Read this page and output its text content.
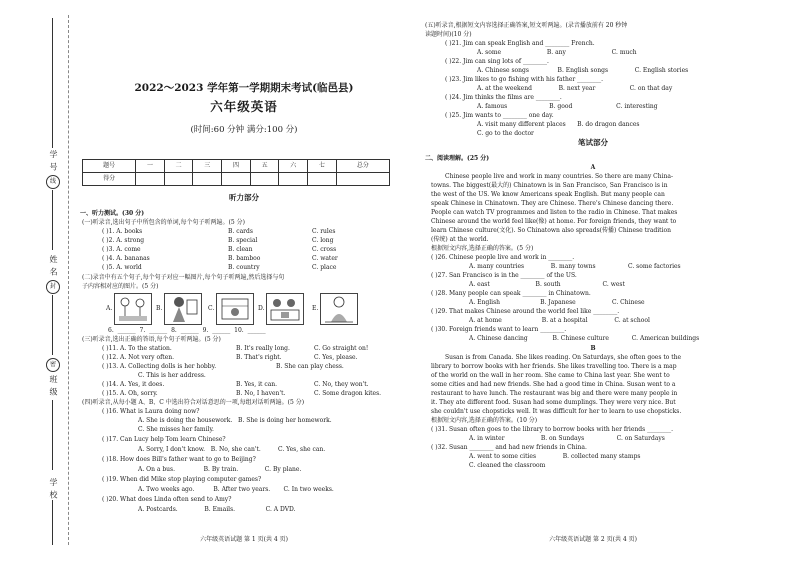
学 号
线
姓 名
封
密
班 级
学 校
2022～2023 学年第一学期期末考试(临邑县)
六年级英语
(时间:60 分钟 满分:100 分)
题号	一	二	三	四	五	六	七	总分
得分								
听力部分
一、听力测试。(30 分)
(一)听录音,选出句子中所包含的单词,每个句子听两遍。(5 分)
( )1. A. books	B. cards	C. rules
( )2. A. strong	B. special	C. long
( )3. A. come	B. clean	C. cross
( )4. A. bananas	B. bamboo	C. water
( )5. A. world	B. country	C. place
(二)录音中有五个句子,每个句子对应一幅图片,每个句子听两遍,然后选择与句
子内容相对应的图片。(5 分)
A.	B.	C.	D.	E.
6. ______ 7. ______ 8. ______ 9. ______ 10. ______
(三)听录音,选出正确的答语,每个句子听两遍。(5 分)
( )11. A. To the station.	B. It's really long.	C. Go straight on!
( )12. A. Not very often.	B. That's right.	C. Yes, please.
( )13. A. Collecting dolls is her hobby.	B. She can play chess.
C. This is her address.
( )14. A. Yes, it does.	B. Yes, it can.	C. No, they won't.
( )15. A. Oh, sorry.	B. No, I haven't.	C. Some dragon kites.
(四)听录音,从每小题 A、B、C 中选出符合对话意思的一项,每组对话听两遍。(5 分)
( )16. What is Laura doing now?
A. She is doing the housework.   B. She is doing her homework.
C. She misses her family.
( )17. Can Lucy help Tom learn Chinese?
A. Sorry, I don't know.   B. No, she can't.         C. Yes, she can.
( )18. How does Bill's father want to go to Beijing?
A. On a bus.               B. By train.              C. By plane.
( )19. When did Mike stop playing computer games?
A. Two weeks ago.          B. After two years.       C. In two weeks.
( )20. What does Linda often send to Amy?
A. Postcards.              B. Emails.                C. A DVD.
六年级英语试题 第 1 页(共 4 页)
(五)听录音,根据短文内容选择正确答案,短文听两遍。(录音播放前有 20 秒钟
读题时间)(10 分)
( )21. Jim can speak English and ________ French.
A. some                        B. any                        C. much
( )22. Jim can sing lots of ________.
A. Chinese songs               B. English songs              C. English stories
( )23. Jim likes to go fishing with his father ________.
A. at the weekend              B. next year                  C. on that day
( )24. Jim thinks the films are ________.
A. famous                      B. good                       C. interesting
( )25. Jim wants to ________ one day.
A. visit many different places      B. do dragon dances
C. go to the doctor
笔试部分
二、阅读理解。(25 分)
A
Chinese people live and work in many countries. So there are many China-
towns. The biggest(最大的) Chinatown is in San Francisco, San Francisco is in
the west of the US. We know Americans speak English. But many people can
speak Chinese in Chinatown. They are Chinese. There's Chinese dancing there.
People can watch TV programmes and listen to the radio in Chinese. That makes
Chinese around the world feel like(像) at home. For foreign friends, they want to
learn Chinese culture(文化). So Chinatown also spreads(传播) Chinese tradition
(传统) at the world.
根据短文内容,选择正确的答案。(5 分)
( )26. Chinese people live and work in ________.
A. many countries              B. many towns                 C. some factories
( )27. San Francisco is in the ________ of the US.
A. east                        B. south                      C. west
( )28. Many people can speak ________ in Chinatown.
A. English                     B. Japanese                   C. Chinese
( )29. That makes Chinese around the world feel like ________.
A. at home                     B. at a hospital              C. at school
( )30. Foreign friends want to learn ________.
A. Chinese dancing             B. Chinese culture            C. American buildings
B
Susan is from Canada. She likes reading. On Saturdays, she often goes to the
library to borrow books with her friends. She likes travelling too. There is a map
of the world on the wall in her room. She came to China last year. She went to
some cities and had new friends. She had a good time in China. Susan went to a
restaurant to have lunch. The restaurant was big and there were many people in
it. They ate different food. Susan had some dumplings. They were very nice. But
she couldn't use chopsticks well. It was difficult for her to learn to use chopsticks.
根据短文内容,选择正确的答案。(10 分)
( )31. Susan often goes to the library to borrow books with her friends ________.
A. in winter                   B. on Sundays                 C. on Saturdays
( )32. Susan ________ and had new friends in China.
A. went to some cities              B. collected many stamps
C. cleaned the classroom
六年级英语试题 第 2 页(共 4 页)
